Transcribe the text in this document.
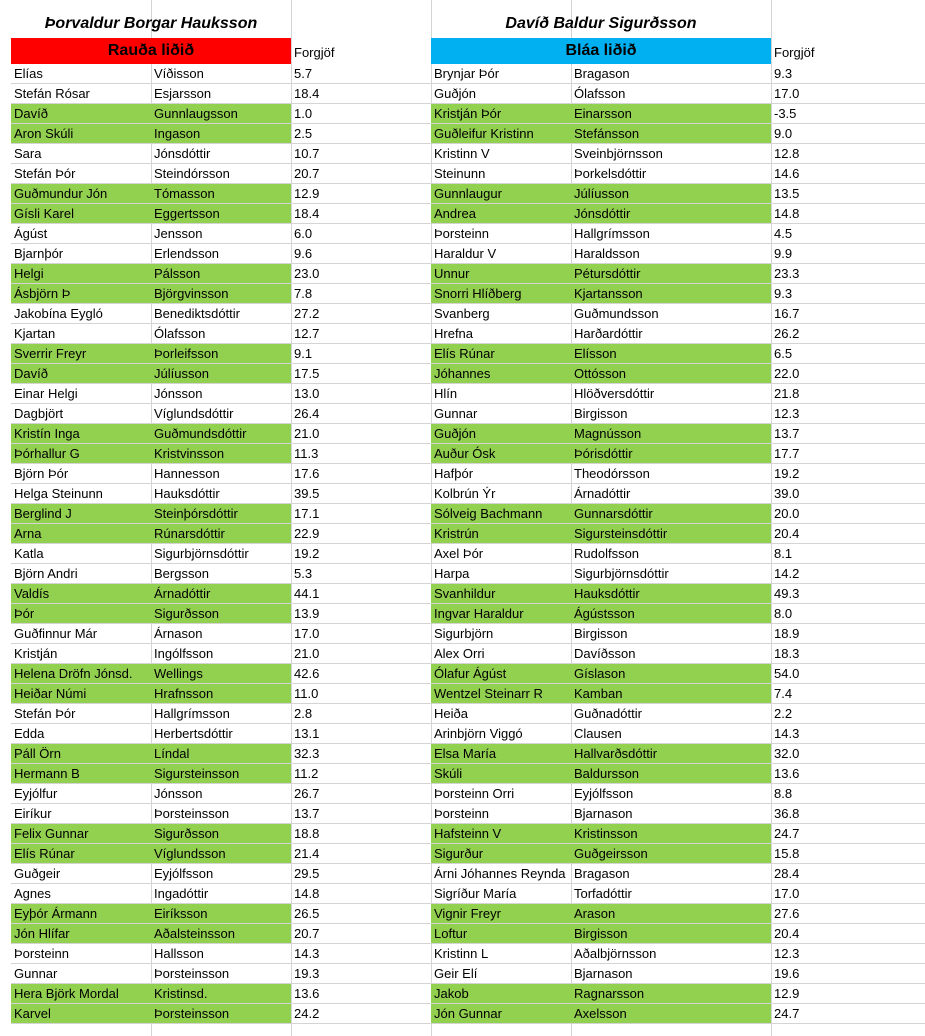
Þorvaldur Borgar Hauksson	Davíð Baldur Sigurðsson
Rauða liðið	Forgjöf	Bláa liðið	Forgjöf
Elías	Víðisson	5.7	Brynjar Þór	Bragason	9.3
Stefán Rósar	Esjarsson	18.4	Guðjón	Ólafsson	17.0
Davíð	Gunnlaugsson	1.0	Kristján Þór	Einarsson	-3.5
Aron Skúli	Ingason	2.5	Guðleifur Kristinn	Stefánsson	9.0
Sara	Jónsdóttir	10.7	Kristinn V	Sveinbjörnsson	12.8
Stefán Þór	Steindórsson	20.7	Steinunn	Þorkelsdóttir	14.6
Guðmundur Jón	Tómasson	12.9	Gunnlaugur	Júlíusson	13.5
Gísli Karel	Eggertsson	18.4	Andrea	Jónsdóttir	14.8
Ágúst	Jensson	6.0	Þorsteinn	Hallgrímsson	4.5
Bjarnþór	Erlendsson	9.6	Haraldur V	Haraldsson	9.9
Helgi	Pálsson	23.0	Unnur	Pétursdóttir	23.3
Ásbjörn Þ	Björgvinsson	7.8	Snorri Hlíðberg	Kjartansson	9.3
Jakobína Eygló	Benediktsdóttir	27.2	Svanberg	Guðmundsson	16.7
Kjartan	Ólafsson	12.7	Hrefna	Harðardóttir	26.2
Sverrir Freyr	Þorleifsson	9.1	Elís Rúnar	Elísson	6.5
Davíð	Júlíusson	17.5	Jóhannes	Ottósson	22.0
Einar Helgi	Jónsson	13.0	Hlín	Hlöðversdóttir	21.8
Dagbjört	Víglundsdóttir	26.4	Gunnar	Birgisson	12.3
Kristín Inga	Guðmundsdóttir	21.0	Guðjón	Magnússon	13.7
Þórhallur G	Kristvinsson	11.3	Auður Ósk	Þórisdóttir	17.7
Björn Þór	Hannesson	17.6	Hafþór	Theodórsson	19.2
Helga Steinunn	Hauksdóttir	39.5	Kolbrún Ýr	Árnadóttir	39.0
Berglind J	Steinþórsdóttir	17.1	Sólveig Bachmann	Gunnarsdóttir	20.0
Arna	Rúnarsdóttir	22.9	Kristrún	Sigursteinsdóttir	20.4
Katla	Sigurbjörnsdóttir	19.2	Axel Þór	Rudolfsson	8.1
Björn Andri	Bergsson	5.3	Harpa	Sigurbjörnsdóttir	14.2
Valdís	Árnadóttir	44.1	Svanhildur	Hauksdóttir	49.3
Þór	Sigurðsson	13.9	Ingvar Haraldur	Ágústsson	8.0
Guðfinnur Már	Árnason	17.0	Sigurbjörn	Birgisson	18.9
Kristján	Ingólfsson	21.0	Alex Orri	Davíðsson	18.3
Helena Dröfn Jónsd.	Wellings	42.6	Ólafur Ágúst	Gíslason	54.0
Heiðar Númi	Hrafnsson	11.0	Wentzel Steinarr R	Kamban	7.4
Stefán Þór	Hallgrímsson	2.8	Heiða	Guðnadóttir	2.2
Edda	Herbertsdóttir	13.1	Arinbjörn Viggó	Clausen	14.3
Páll Örn	Líndal	32.3	Elsa María	Hallvarðsdóttir	32.0
Hermann B	Sigursteinsson	11.2	Skúli	Baldursson	13.6
Eyjólfur	Jónsson	26.7	Þorsteinn Orri	Eyjólfsson	8.8
Eiríkur	Þorsteinsson	13.7	Þorsteinn	Bjarnason	36.8
Felix Gunnar	Sigurðsson	18.8	Hafsteinn V	Kristinsson	24.7
Elís Rúnar	Víglundsson	21.4	Sigurður	Guðgeirsson	15.8
Guðgeir	Eyjólfsson	29.5	Árni Jóhannes Reynda Bragason	28.4
Agnes	Ingadóttir	14.8	Sigríður María	Torfadóttir	17.0
Eyþór Ármann	Eiríksson	26.5	Vignir Freyr	Arason	27.6
Jón Hlífar	Aðalsteinsson	20.7	Loftur	Birgisson	20.4
Þorsteinn	Hallsson	14.3	Kristinn L	Aðalbjörnsson	12.3
Gunnar	Þorsteinsson	19.3	Geir Elí	Bjarnason	19.6
Hera Björk Mordal	Kristinsd.	13.6	Jakob	Ragnarsson	12.9
Karvel	Þorsteinsson	24.2	Jón Gunnar	Axelsson	24.7
